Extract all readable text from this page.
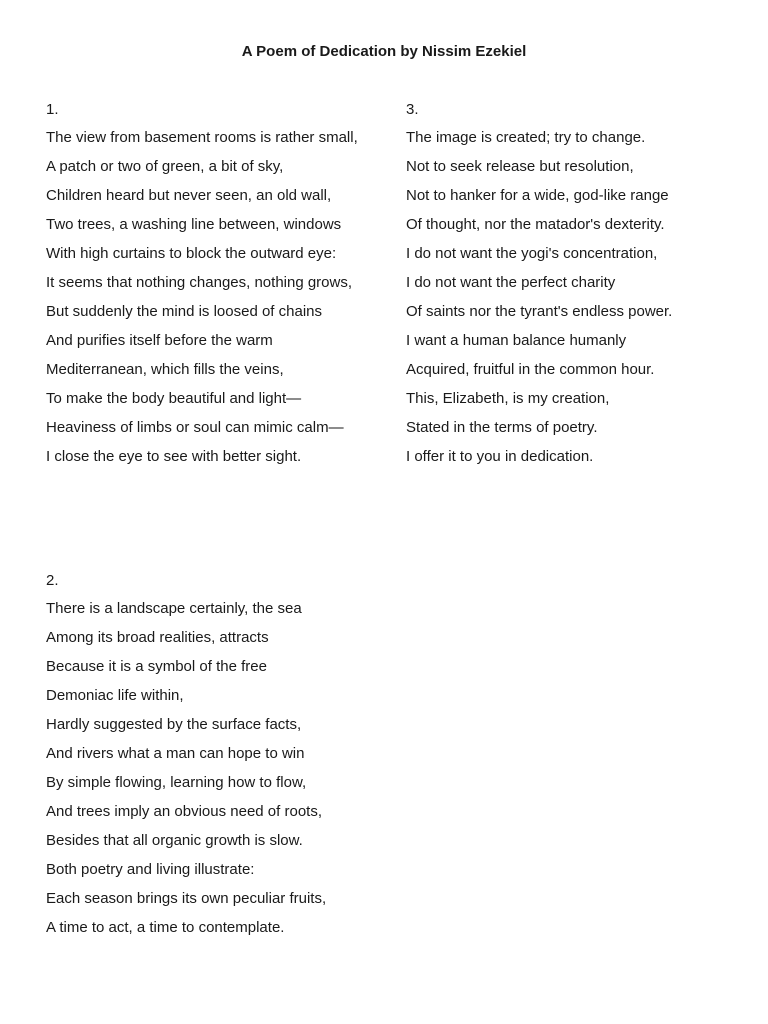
A Poem of Dedication by Nissim Ezekiel

1.

The view from basement rooms is rather small,
A patch or two of green, a bit of sky,
Children heard but never seen, an old wall,
Two trees, a washing line between, windows
With high curtains to block the outward eye:
It seems that nothing changes, nothing grows,
But suddenly the mind is loosed of chains
And purifies itself before the warm
Mediterranean, which fills the veins,
To make the body beautiful and light—
Heaviness of limbs or soul can mimic calm—
I close the eye to see with better sight.

2.

There is a landscape certainly, the sea
Among its broad realities, attracts
Because it is a symbol of the free
Demoniac life within,
Hardly suggested by the surface facts,
And rivers what a man can hope to win
By simple flowing, learning how to flow,
And trees imply an obvious need of roots,
Besides that all organic growth is slow.
Both poetry and living illustrate:
Each season brings its own peculiar fruits,
A time to act, a time to contemplate.

3.

The image is created; try to change.
Not to seek release but resolution,
Not to hanker for a wide, god-like range
Of thought, nor the matador's dexterity.
I do not want the yogi's concentration,
I do not want the perfect charity
Of saints nor the tyrant's endless power.
I want a human balance humanly
Acquired, fruitful in the common hour.
This, Elizabeth, is my creation,
Stated in the terms of poetry.
I offer it to you in dedication.
